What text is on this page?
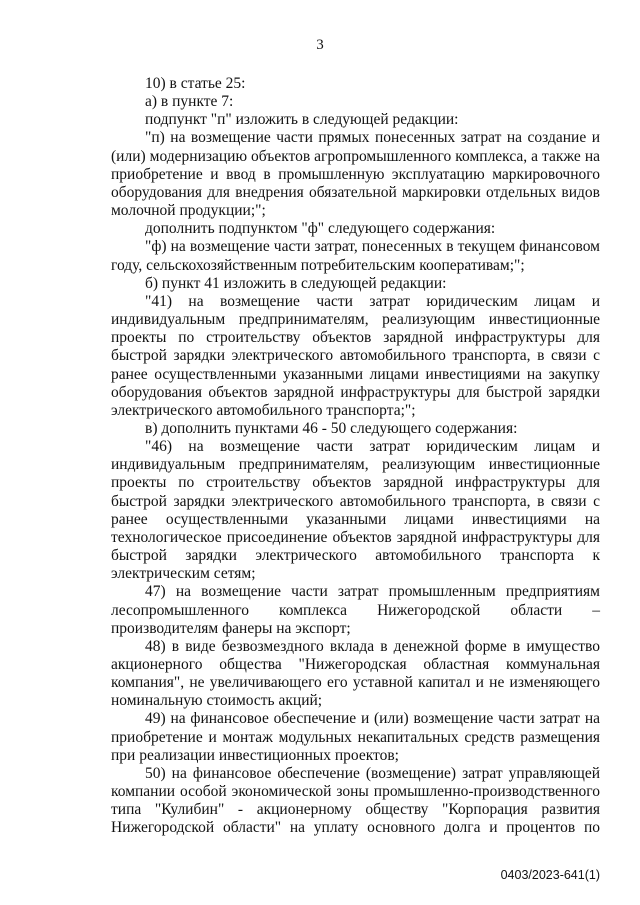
3

10) в статье 25:

а) в пункте 7:

подпункт "п" изложить в следующей редакции:

"п) на возмещение части прямых понесенных затрат на создание и (или) модернизацию объектов агропромышленного комплекса, а также на приобретение и ввод в промышленную эксплуатацию маркировочного оборудования для внедрения обязательной маркировки отдельных видов молочной продукции;";

дополнить подпунктом "ф" следующего содержания:

"ф) на возмещение части затрат, понесенных в текущем финансовом году, сельскохозяйственным потребительским кооперативам;";

б) пункт 41 изложить в следующей редакции:

"41) на возмещение части затрат юридическим лицам и индивидуальным предпринимателям, реализующим инвестиционные проекты по строительству объектов зарядной инфраструктуры для быстрой зарядки электрического автомобильного транспорта, в связи с ранее осуществленными указанными лицами инвестициями на закупку оборудования объектов зарядной инфраструктуры для быстрой зарядки электрического автомобильного транспорта;";

в) дополнить пунктами 46 - 50 следующего содержания:

"46) на возмещение части затрат юридическим лицам и индивидуальным предпринимателям, реализующим инвестиционные проекты по строительству объектов зарядной инфраструктуры для быстрой зарядки электрического автомобильного транспорта, в связи с ранее осуществленными указанными лицами инвестициями на технологическое присоединение объектов зарядной инфраструктуры для быстрой зарядки электрического автомобильного транспорта к электрическим сетям;

47) на возмещение части затрат промышленным предприятиям лесопромышленного комплекса Нижегородской области – производителям фанеры на экспорт;

48) в виде безвозмездного вклада в денежной форме в имущество акционерного общества "Нижегородская областная коммунальная компания", не увеличивающего его уставной капитал и не изменяющего номинальную стоимость акций;

49) на финансовое обеспечение и (или) возмещение части затрат на приобретение и монтаж модульных некапитальных средств размещения при реализации инвестиционных проектов;

50) на финансовое обеспечение (возмещение) затрат управляющей компании особой экономической зоны промышленно-производственного типа "Кулибин" - акционерному обществу "Корпорация развития Нижегородской области" на уплату основного долга и процентов по

0403/2023-641(1)
